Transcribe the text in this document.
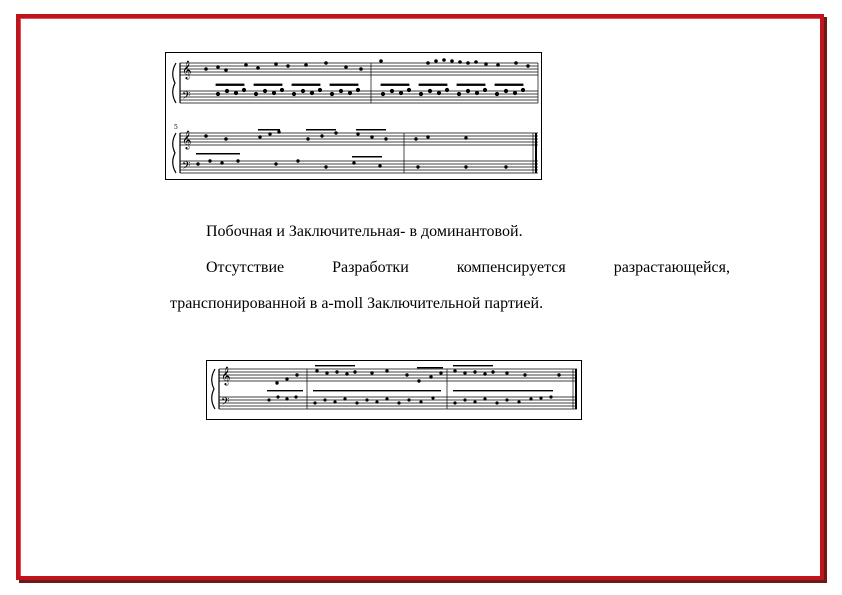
𝄞
𝄢
𝄞
𝄢
5

Побочная и Заключительная- в доминантовой.

Отсутствие Разработки компенсируется разрастающейся,

транспонированной в a-moll Заключительной партией.

𝄞
𝄢
